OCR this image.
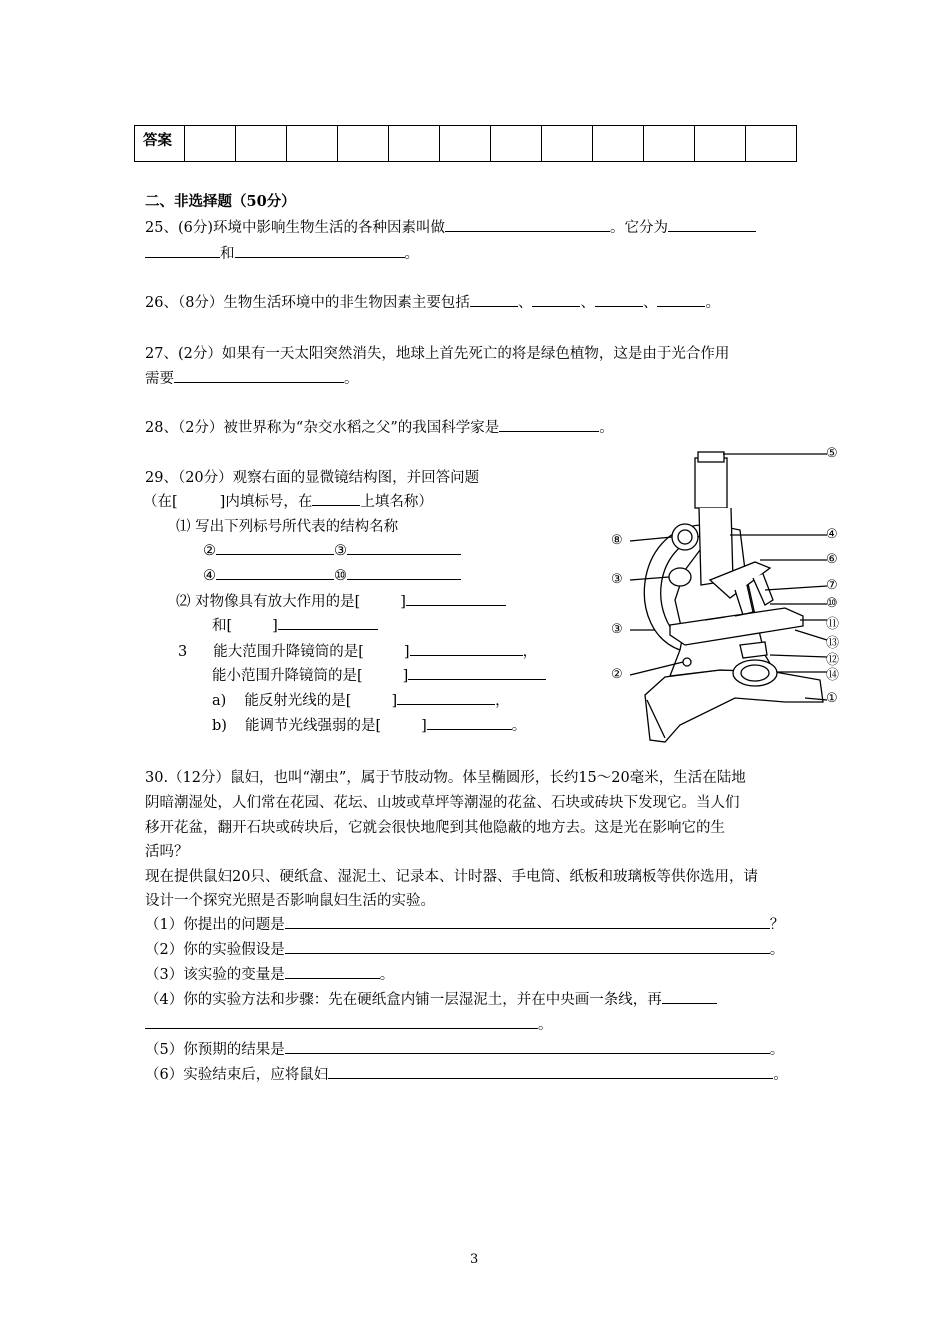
答案												
二、非选择题（50分）
25、(6分)环境中影响生物生活的各种因素叫做	。它分为
和	。
26、（8分）生物生活环境中的非生物因素主要包括	、	、	、	。
27、(2分）如果有一天太阳突然消失，地球上首先死亡的将是绿色植物，这是由于光合作用
需要	。
28、（2分）被世界称为“杂交水稻之父”的我国科学家是	。
29、（20分）观察右面的显微镜结构图，并回答问题
（在[	]内填标号，在	上填名称）
⑴ 写出下列标号所代表的结构名称
②	③
④	⑩
⑵ 对物像具有放大作用的是[	]
和[	]
3 能大范围升降镜筒的是[	]	，
能小范围升降镜筒的是[	]
a) 能反射光线的是[	]	，
b) 能调节光线强弱的是[	]	。
⑤
④
⑥
⑦
⑩
⑪
⑬
⑫
⑭
①
⑧
③
③
②
30.（12分）鼠妇，也叫“潮虫”，属于节肢动物。体呈椭圆形，长约15～20毫米，生活在陆地
阴暗潮湿处，人们常在花园、花坛、山坡或草坪等潮湿的花盆、石块或砖块下发现它。当人们
移开花盆，翻开石块或砖块后，它就会很快地爬到其他隐蔽的地方去。这是光在影响它的生
活吗？
现在提供鼠妇20只、硬纸盒、湿泥土、记录本、计时器、手电筒、纸板和玻璃板等供你选用，请
设计一个探究光照是否影响鼠妇生活的实验。
（1）你提出的问题是	？
（2）你的实验假设是	。
（3）该实验的变量是	。
（4）你的实验方法和步骤：先在硬纸盒内铺一层湿泥土，并在中央画一条线，再
。
（5）你预期的结果是	。
（6）实验结束后，应将鼠妇	。
3
